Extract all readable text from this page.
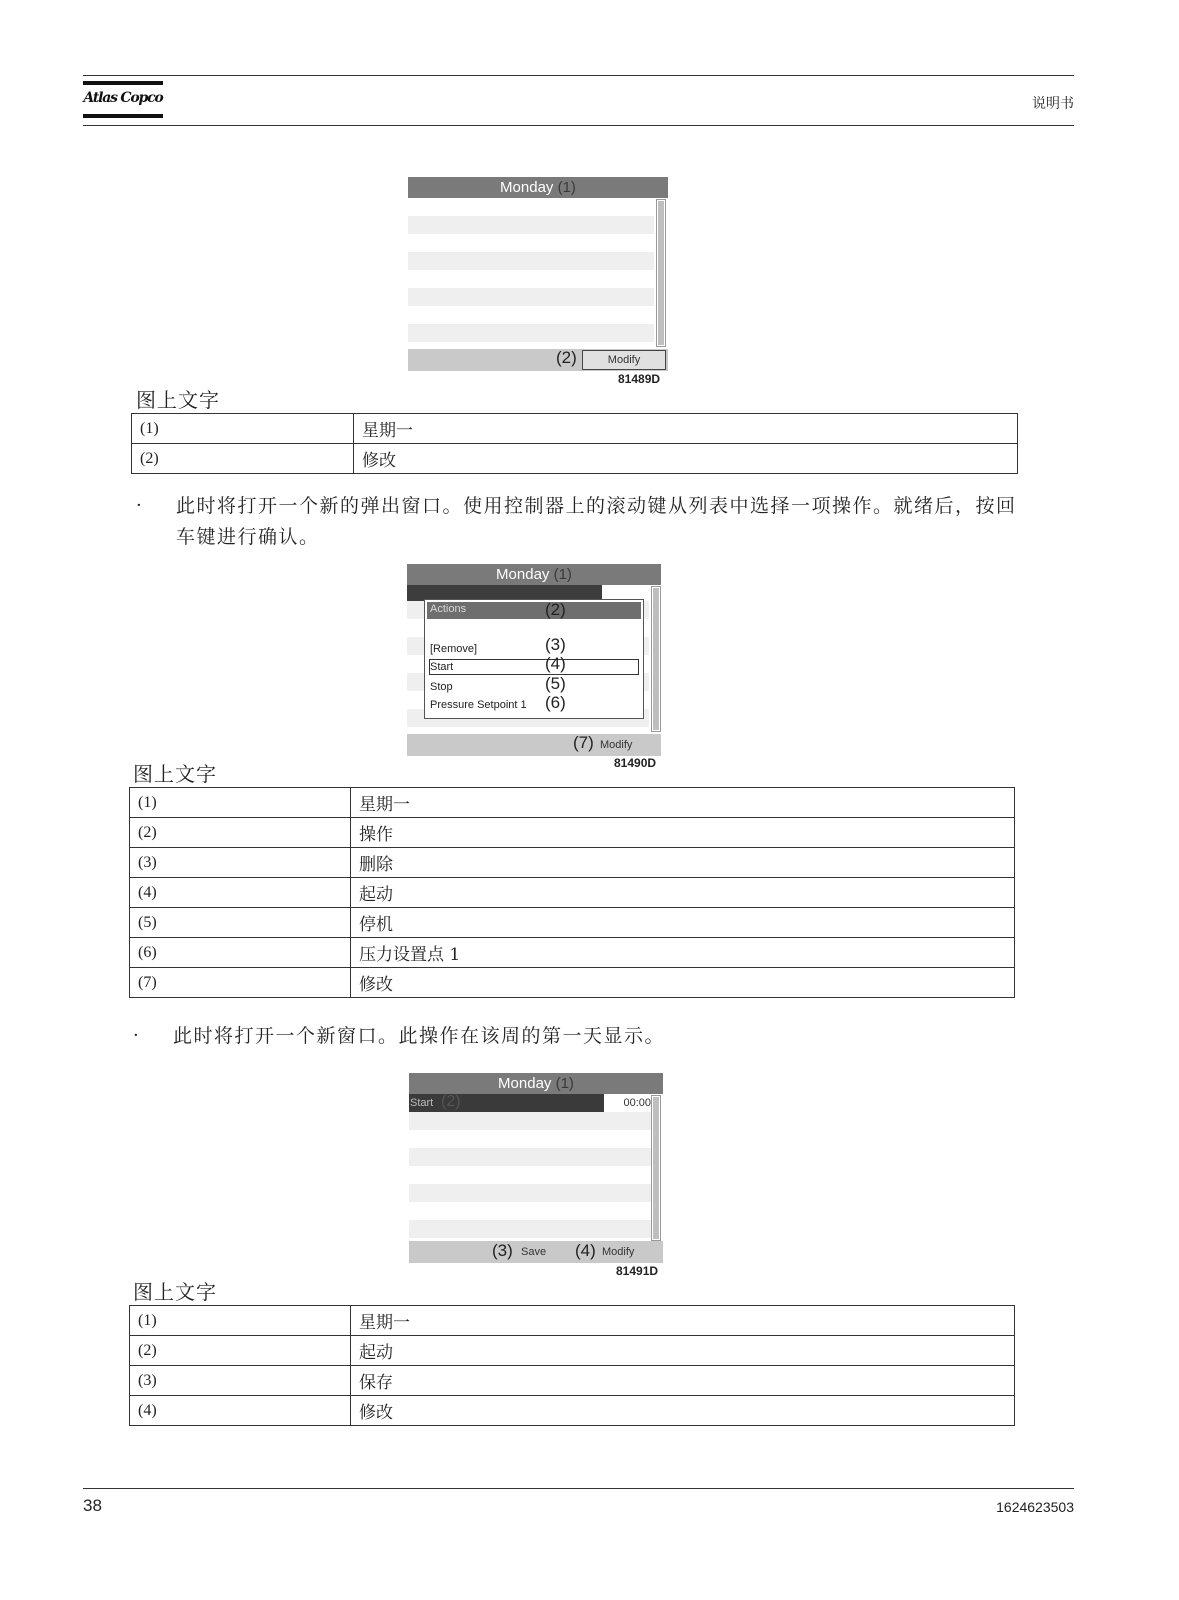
Atlas Copco	说明书
Monday (1)
(2)	Modify
81489D
图上文字
(1)	星期一
(2)	修改
· 此时将打开一个新的弹出窗口。使用控制器上的滚动键从列表中选择一项操作。就绪后，按回车键进行确认。
Monday (1)
Actions
[Remove]
Start
Stop
Pressure Setpoint 1
(2)
(3)
(4)
(5)
(6)
(7) Modify
81490D
图上文字
(1)	星期一
(2)	操作
(3)	删除
(4)	起动
(5)	停机
(6)	压力设置点 1
(7)	修改
· 此时将打开一个新窗口。此操作在该周的第一天显示。
Monday (1)
Start (2)	00:00
(3) Save (4) Modify
81491D
图上文字
(1)	星期一
(2)	起动
(3)	保存
(4)	修改
38	1624623503
